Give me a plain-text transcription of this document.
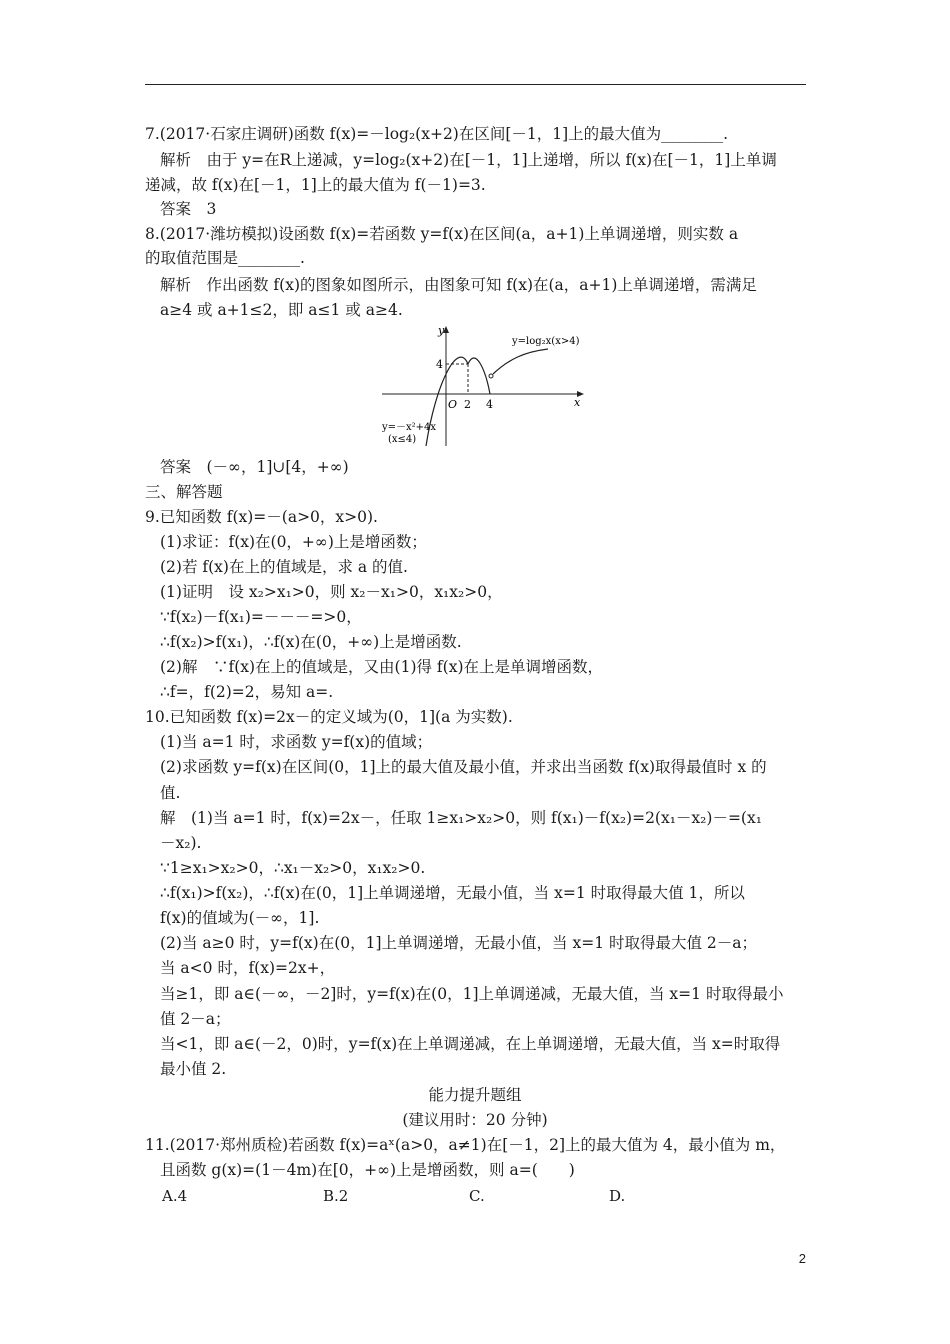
7.(2017·石家庄调研)函数 f(x)=－log₂(x+2)在区间[－1，1]上的最大值为________.
解析　由于 y=在R上递减，y=log₂(x+2)在[－1，1]上递增，所以 f(x)在[－1，1]上单调
递减，故 f(x)在[－1，1]上的最大值为 f(－1)=3.
答案　3
8.(2017·潍坊模拟)设函数 f(x)=若函数 y=f(x)在区间(a，a+1)上单调递增，则实数 a
的取值范围是________.
解析　作出函数 f(x)的图象如图所示，由图象可知 f(x)在(a，a+1)上单调递增，需满足
a≥4 或 a+1≤2，即 a≤1 或 a≥4.
y
x
O 2 4
4
y=log₂x(x>4)
y=－x²+4x
(x≤4)
答案　(－∞，1]∪[4，+∞)
三、解答题
9.已知函数 f(x)=－(a>0，x>0).
(1)求证：f(x)在(0，+∞)上是增函数；
(2)若 f(x)在上的值域是，求 a 的值.
(1)证明　设 x₂>x₁>0，则 x₂－x₁>0，x₁x₂>0，
∵f(x₂)－f(x₁)=－－－=>0，
∴f(x₂)>f(x₁)，∴f(x)在(0，+∞)上是增函数.
(2)解　∵f(x)在上的值域是，又由(1)得 f(x)在上是单调增函数，
∴f=，f(2)=2，易知 a=.
10.已知函数 f(x)=2x－的定义域为(0，1](a 为实数).
(1)当 a=1 时，求函数 y=f(x)的值域；
(2)求函数 y=f(x)在区间(0，1]上的最大值及最小值，并求出当函数 f(x)取得最值时 x 的
值.
解　(1)当 a=1 时，f(x)=2x－，任取 1≥x₁>x₂>0，则 f(x₁)－f(x₂)=2(x₁－x₂)－=(x₁
－x₂).
∵1≥x₁>x₂>0，∴x₁－x₂>0，x₁x₂>0.
∴f(x₁)>f(x₂)，∴f(x)在(0，1]上单调递增，无最小值，当 x=1 时取得最大值 1，所以
f(x)的值域为(－∞，1].
(2)当 a≥0 时，y=f(x)在(0，1]上单调递增，无最小值，当 x=1 时取得最大值 2－a；
当 a<0 时，f(x)=2x+，
当≥1，即 a∈(－∞，－2]时，y=f(x)在(0，1]上单调递减，无最大值，当 x=1 时取得最小
值 2－a；
当<1，即 a∈(－2，0)时，y=f(x)在上单调递减，在上单调递增，无最大值，当 x=时取得
最小值 2.
能力提升题组
(建议用时：20 分钟)
11.(2017·郑州质检)若函数 f(x)=aˣ(a>0，a≠1)在[－1，2]上的最大值为 4，最小值为 m，
且函数 g(x)=(1－4m)在[0，+∞)上是增函数，则 a=(　　)
A.4	B.2	C.	D.
2
